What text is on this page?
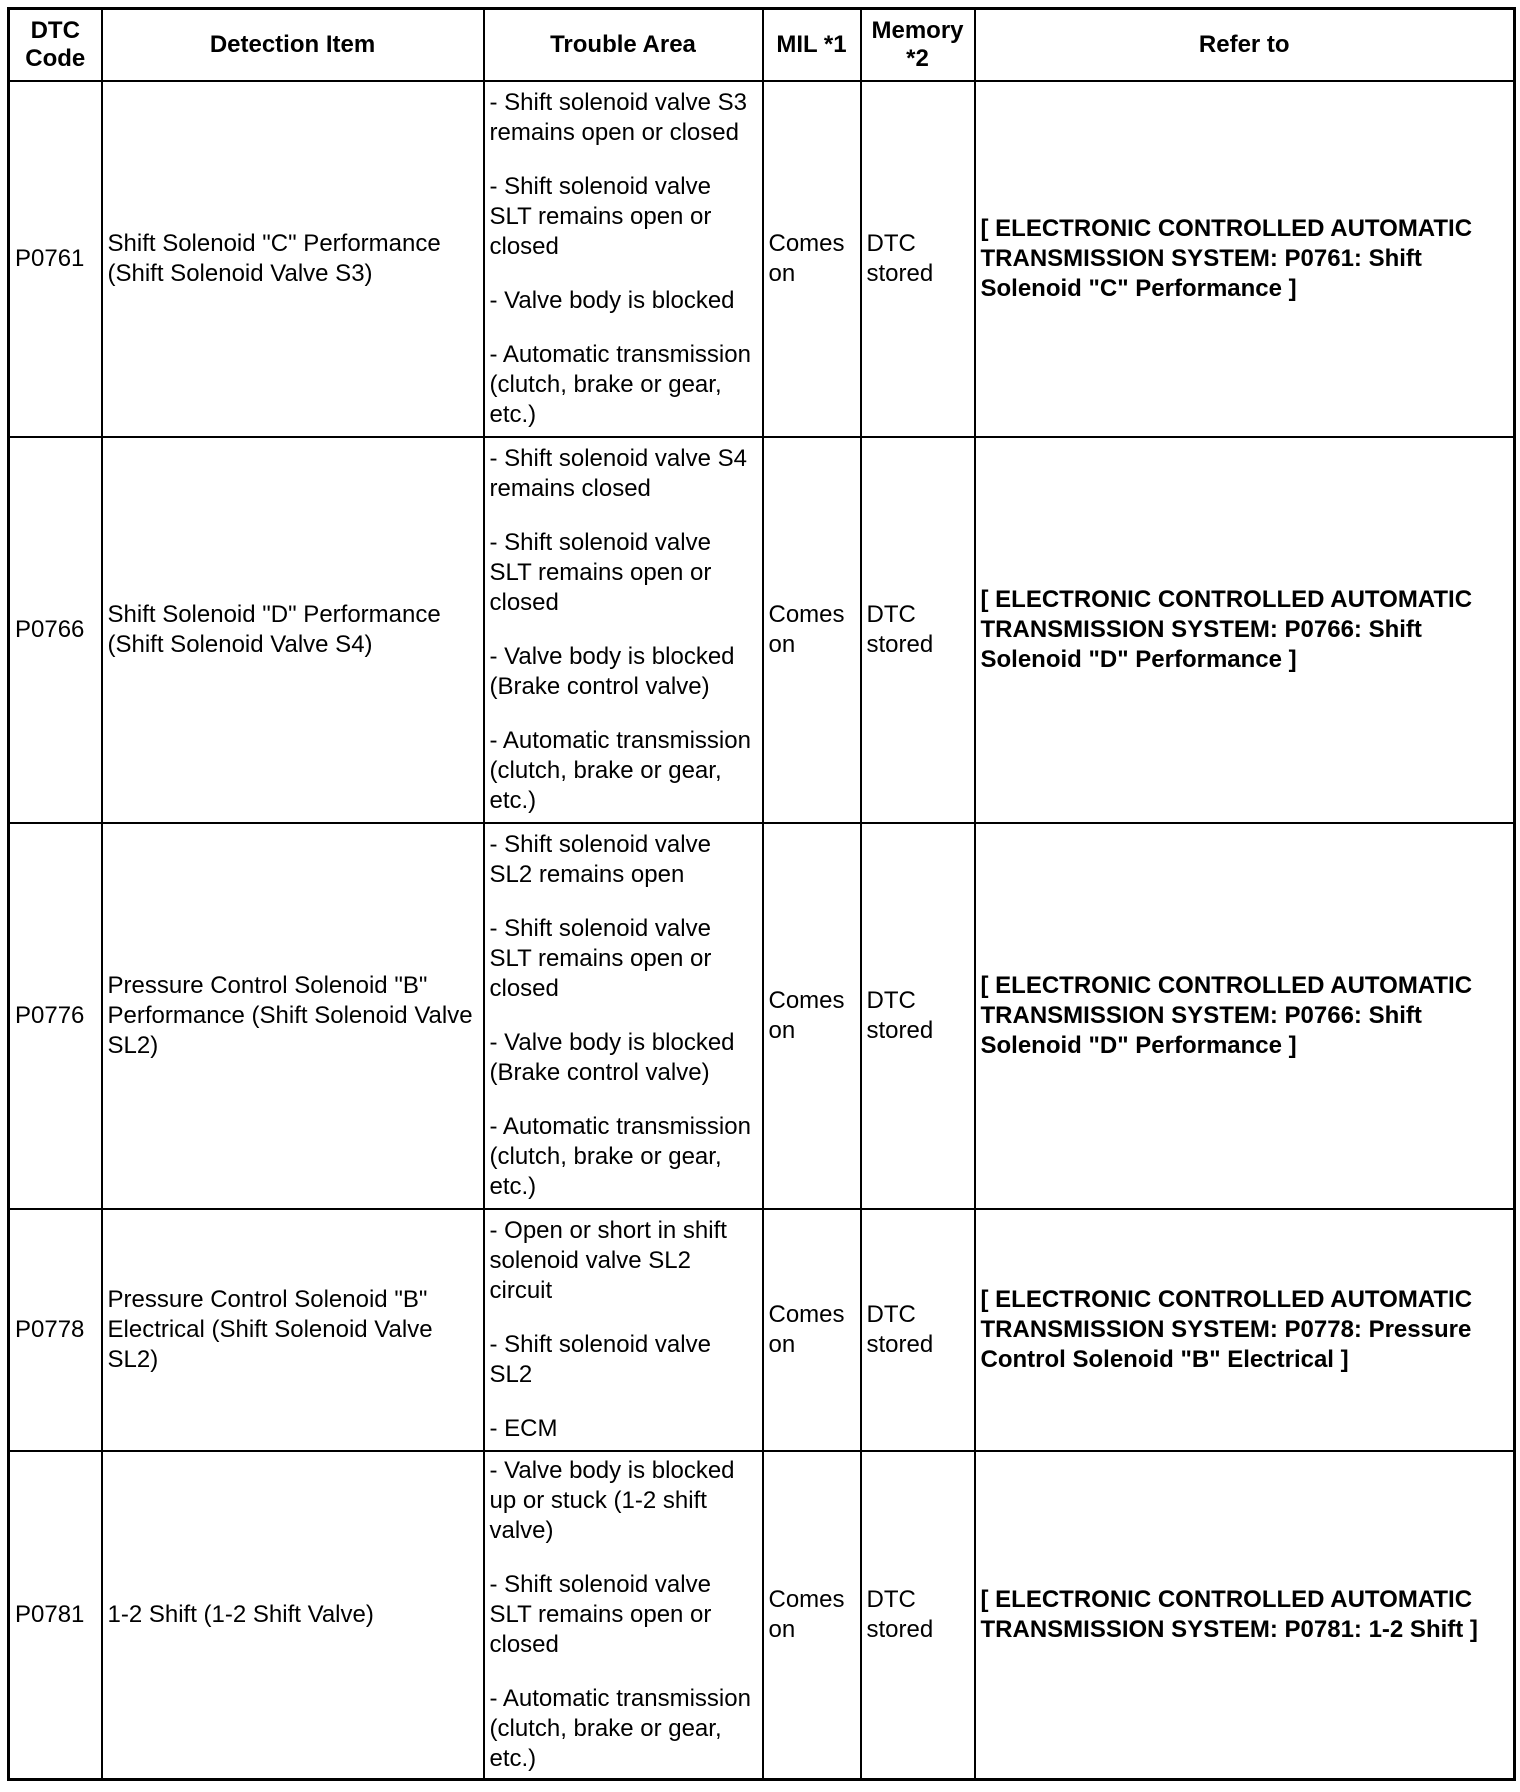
DTC Code	Detection Item	Trouble Area	MIL *1	Memory *2	Refer to
P0761	Shift Solenoid "C" Performance (Shift Solenoid Valve S3)	- Shift solenoid valve S3 remains open or closed

- Shift solenoid valve SLT remains open or closed

- Valve body is blocked

- Automatic transmission (clutch, brake or gear, etc.)	Comes on	DTC stored	[ ELECTRONIC CONTROLLED AUTOMATIC TRANSMISSION SYSTEM: P0761: Shift Solenoid "C" Performance ]
P0766	Shift Solenoid "D" Performance (Shift Solenoid Valve S4)	- Shift solenoid valve S4 remains closed

- Shift solenoid valve SLT remains open or closed

- Valve body is blocked (Brake control valve)

- Automatic transmission (clutch, brake or gear, etc.)	Comes on	DTC stored	[ ELECTRONIC CONTROLLED AUTOMATIC TRANSMISSION SYSTEM: P0766: Shift Solenoid "D" Performance ]
P0776	Pressure Control Solenoid "B" Performance (Shift Solenoid Valve SL2)	- Shift solenoid valve SL2 remains open

- Shift solenoid valve SLT remains open or closed

- Valve body is blocked (Brake control valve)

- Automatic transmission (clutch, brake or gear, etc.)	Comes on	DTC stored	[ ELECTRONIC CONTROLLED AUTOMATIC TRANSMISSION SYSTEM: P0766: Shift Solenoid "D" Performance ]
P0778	Pressure Control Solenoid "B" Electrical (Shift Solenoid Valve SL2)	- Open or short in shift solenoid valve SL2 circuit

- Shift solenoid valve SL2

- ECM	Comes on	DTC stored	[ ELECTRONIC CONTROLLED AUTOMATIC TRANSMISSION SYSTEM: P0778: Pressure Control Solenoid "B" Electrical ]
P0781	1-2 Shift (1-2 Shift Valve)	- Valve body is blocked up or stuck (1-2 shift valve)

- Shift solenoid valve SLT remains open or closed

- Automatic transmission (clutch, brake or gear, etc.)	Comes on	DTC stored	[ ELECTRONIC CONTROLLED AUTOMATIC TRANSMISSION SYSTEM: P0781: 1-2 Shift ]
